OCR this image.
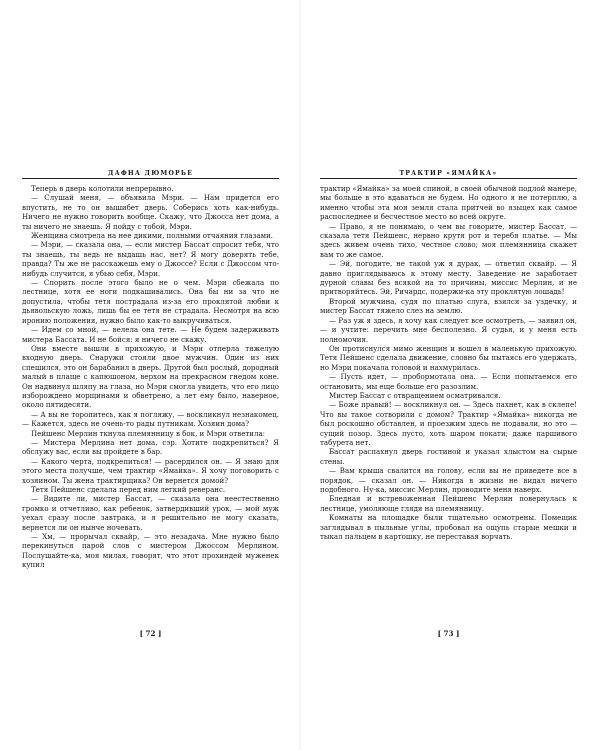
ДАФНА ДЮМОРЬЕ

Теперь в дверь колотили непрерывно.

— Слушай меня, — объявила Мэри. — Нам придется его впустить, не то он вышибет дверь. Соберись хоть как-нибудь. Ничего не нужно говорить вообще. Скажу, что Джосса нет дома, а ты ничего не знаешь. Я пойду с тобой, Мэри.

Женщина смотрела на нее дикими, полными отчаяния глазами.

— Мэри, — сказала она, — если мистер Бассат спросит тебя, что ты знаешь, ты ведь не выдашь нас, нет? Я могу доверять тебе, правда? Ты же не расскажешь ему о Джоссе? Если с Джоссом что-нибудь случится, я убью себя, Мэри.

— Спорить после этого было не о чем. Мэри сбежала по лестнице, хотя ее ноги подкашивались. Она бы ни за что не допустила, чтобы тетя пострадала из-за его проклятой любви к дьявольскую ложь, лишь бы ее тетя не страдала. Несмотря на всю иронию положения, нужно было как-то выкручиваться.

— Идем со мной, — велела она тете. — Не будем задерживать мистера Бассата. И не бойся: я ничего не скажу.

Они вместе вышли в прихожую, и Мэри отперла тяжелую входную дверь. Снаружи стояли двое мужчин. Один из них спешился, это он барабанил в дверь. Другой был рослый, дородный малый в плаще с капюшоном, верхом на прекрасном гнедом коне. Он надвинул шляпу на глаза, но Мэри смогла увидеть, что его лицо изборождено морщинами и обветрено, а лет ему было, наверное, около пятидесяти.

— А вы не торопитесь, как я погляжу, — воскликнул незнакомец. — Кажется, здесь не очень-то рады путникам. Хозяин дома?

Пейшенс Мерлин ткнула племянницу в бок, и Мэри ответила:

— Мистера Мерлина нет дома, сэр. Хотите подкрепиться? Я обслужу вас, если вы пройдете в бар.

— Какого черта, подкрепиться! — расердился он. — Я знаю для этого места получше, чем трактир «Ямайка». Я хочу поговорить с хозяином. Ты жена трактирщика? Он вернется домой?

Тетя Пейшенс сделала перед ним легкий реверанс.

— Видите ли, мистер Бассат, — сказала она неестественно громко и отчетливо, как ребенок, затвердивший урок, — мой муж уехал сразу после завтрака, и я решительно не могу сказать, вернется ли он нынче ночевать.

— Хм, — прорычал сквайр, — это незадачa. Мне нужно было перекинуться парой слов с мистером Джоссом Мерлином. Послушайте-ка, моя милая, говорят, что этот прохиндей муженек купил

[ 72 ]
ТРАКТИР «ЯМАЙКА»

трактир «Ямайка» за моей спиной, в своей обычной подлой манере, мы больше в это вдаваться не будем. Но одного я не потерплю, а именно чтобы эта моя земля стала притчей во языцех как самое распоследнее и бесчестное место во всей округе.

— Право, я не понимаю, о чем вы говорите, мистер Бассат, — сказала тетя Пейшенс, нервно крутя рот и теребя платье. — Мы здесь живем очень тихо, честное слово; моя племянница скажет вам то же самое.

— Эй, погодите, не такой уж я дурак, — ответил сквайр. — Я давно приглядываюсь к этому месту. Заведение не заработает дурной славы без всякой на то причины, миссис Мерлин, и не притворяйтесь. Эй, Ричардс, подержи-ка эту проклятую лошадь!

Второй мужчина, судя по платью слуга, взялся за уздечку, и мистер Бассат тяжело слез на землю.

— Раз уж я здесь, я хочу как следует все осмотреть, — заявил он, — и учтите: перечить мне бесполезно. Я судья, и у меня есть полномочия.

Он протиснулся мимо женщин и вошел в маленькую прихожую. Тетя Пейшенс сделала движение, словно бы пытаясь его удержать, но Мэри покачала головой и нахмурилась.

— Пусть идет, — пробормотала она. — Если попытаемся его остановить, мы еще больше его разозлим.

Мистер Бассат с отвращением осматривался.

— Боже правый! — воскликнул он. — Здесь пахнет, как в склепе! Что вы такое сотворили с домом? Трактир «Ямайка» никогда не был роскошно обставлен, и проезжим здесь не подавали, но это — сущий позор. Здесь пусто, хоть шаром покати; даже паршивого табурета нет.

Бассат распахнул дверь гостиной и указал хлыстом на сырые стены.

— Вам крыша свалится на голову, если вы не приведете все в порядок, — сказал он. — Никогда в жизни не видал ничего подобного. Ну-ка, миссис Мерлин, проводите меня наверх.

Бледная и встревоженная Пейшенс Мерлин повернулась к лестнице, умоляюще глядя на племянницу.

Комнаты на площадке были тщательно осмотрены. Помещик заглядывал в пыльные углы, пробовал на ощупь старые мешки и тыкал пальцем в картошку, не переставая ворчать.

[ 73 ]
